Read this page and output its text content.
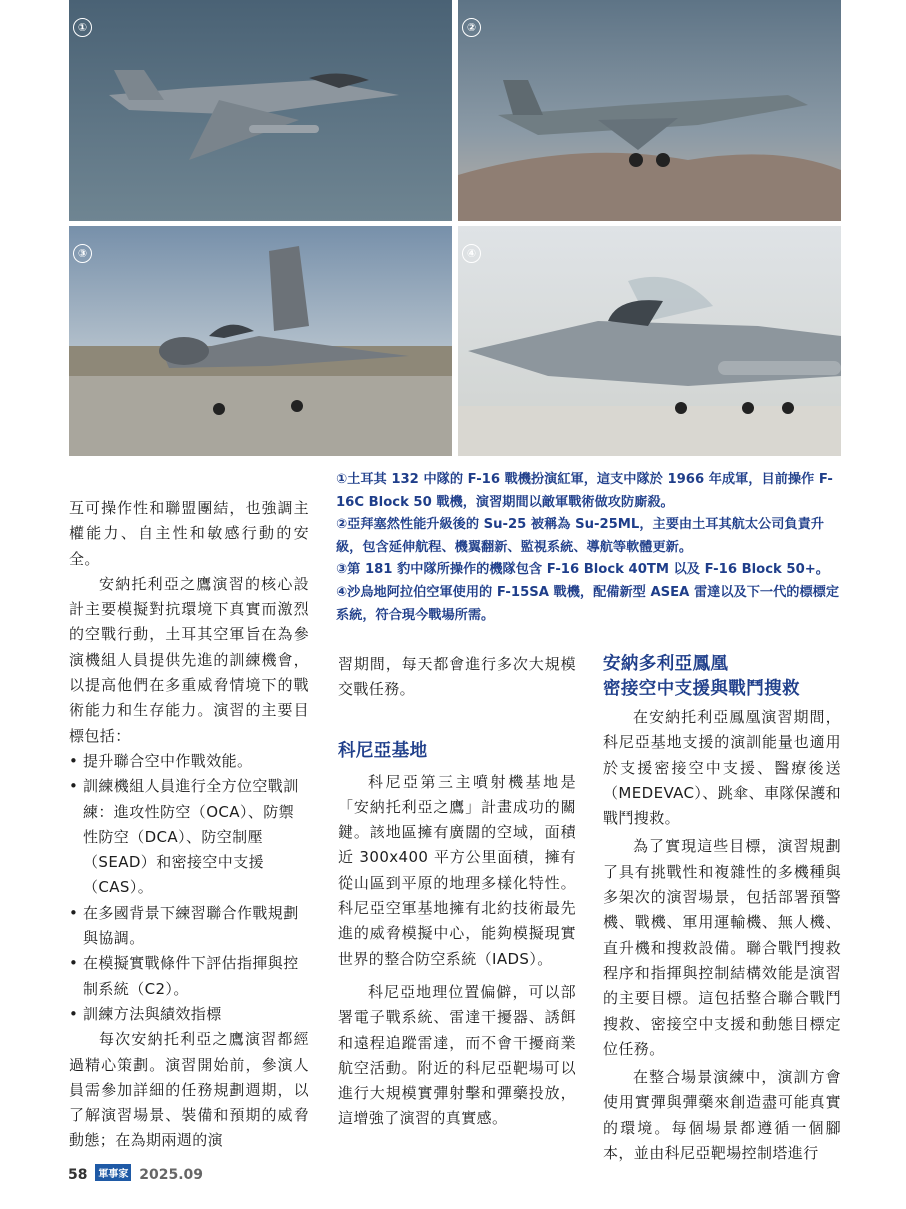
①	②
③	④

①土耳其 132 中隊的 F-16 戰機扮演紅軍，這支中隊於 1966 年成軍，目前操作 F-16C Block 50 戰機，演習期間以敵軍戰術做攻防廝殺。

②亞拜塞然性能升級後的 Su-25 被稱為 Su-25ML，主要由土耳其航太公司負責升級，包含延伸航程、機翼翻新、監視系統、導航等軟體更新。

③第 181 豹中隊所操作的機隊包含 F-16 Block 40TM 以及 F-16 Block 50+。

④沙烏地阿拉伯空軍使用的 F-15SA 戰機，配備新型 ASEA 雷達以及下一代的標標定系統，符合現今戰場所需。

互可操作性和聯盟團結，也強調主權能力、自主性和敏感行動的安全。

安納托利亞之鷹演習的核心設計主要模擬對抗環境下真實而激烈的空戰行動，土耳其空軍旨在為參演機組人員提供先進的訓練機會，以提高他們在多重威脅情境下的戰術能力和生存能力。演習的主要目標包括：

• 提升聯合空中作戰效能。
• 訓練機組人員進行全方位空戰訓練：進攻性防空（OCA）、防禦性防空（DCA）、防空制壓（SEAD）和密接空中支援（CAS）。
• 在多國背景下練習聯合作戰規劃與協調。
• 在模擬實戰條件下評估指揮與控制系統（C2）。
• 訓練方法與績效指標

每次安納托利亞之鷹演習都經過精心策劃。演習開始前，參演人員需參加詳細的任務規劃週期，以了解演習場景、裝備和預期的威脅動態；在為期兩週的演

習期間，每天都會進行多次大規模交戰任務。

科尼亞基地

科尼亞第三主噴射機基地是「安納托利亞之鷹」計畫成功的關鍵。該地區擁有廣闊的空域，面積近 300x400 平方公里面積，擁有從山區到平原的地理多樣化特性。科尼亞空軍基地擁有北約技術最先進的威脅模擬中心，能夠模擬現實世界的整合防空系統（IADS）。

科尼亞地理位置偏僻，可以部署電子戰系統、雷達干擾器、誘餌和遠程追蹤雷達，而不會干擾商業航空活動。附近的科尼亞靶場可以進行大規模實彈射擊和彈藥投放，這增強了演習的真實感。

安納多利亞鳳凰
密接空中支援與戰鬥搜救

在安納托利亞鳳凰演習期間，科尼亞基地支援的演訓能量也適用於支援密接空中支援、醫療後送（MEDEVAC）、跳傘、車隊保護和戰鬥搜救。

為了實現這些目標，演習規劃了具有挑戰性和複雜性的多機種與多架次的演習場景，包括部署預警機、戰機、軍用運輸機、無人機、直升機和搜救設備。聯合戰鬥搜救程序和指揮與控制結構效能是演習的主要目標。這包括整合聯合戰鬥搜救、密接空中支援和動態目標定位任務。

在整合場景演練中，演訓方會使用實彈與彈藥來創造盡可能真實的環境。每個場景都遵循一個腳本，並由科尼亞靶場控制塔進行

58 軍事家 2025.09
